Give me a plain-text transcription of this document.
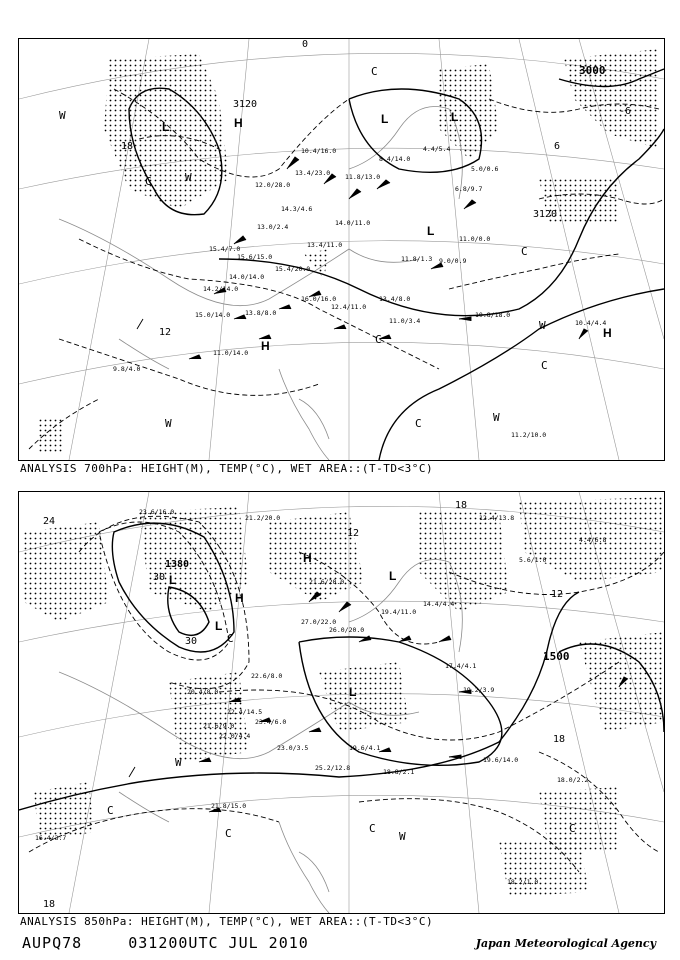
3000
3120
3120
0
-6
6
12
18
L
L	L
L
H
H
H
W
W
W
W
W
C
C
C
C
C
C
10.4/16.0
13.4/23.0
12.0/28.0
11.8/13.0
8.4/14.0
14.3/4.6
13.0/2.4	14.0/11.0
13.4/11.0
15.4/7.0
15.6/15.0
15.4/20.0
14.0/14.0
14.2/14.0
13.8/8.0
16.0/16.0
12.4/11.0
13.4/8.0
11.0/3.4
15.0/14.0
11.0/14.0
9.8/4.0
10.8/18.0
10.4/4.4
11.2/10.0
6.8/9.7
5.0/0.6
4.4/5.4
11.0/0.0
11.8/1.3 9.0/0.9
ANALYSIS 700hPa: HEIGHT(M), TEMP(°C), WET AREA::(T-TD<3°C)
1380
1500
24
30
30
18
12
18
18
12
L
L
L
L
H
H
W
W
C
C
C
C	C
23.6/16.0
21.2/20.0
21.6/20.0
26.0/20.0
27.0/22.0
19.4/11.0
14.4/4.4
17.4/4.1
22.4/14.5
23.4/6.0
23.0/3.5
25.2/12.8
19.6/4.1
18.8/2.1
19.6/14.0
18.0/2.2
16.4/3.7
21.8/15.0
20.4/8.0
22.6/8.0
12.4/13.8
4.4/6.8
5.6/1.0
19.2/3.9
18.2/1.0
22.0/4.4
21.6/9.0
ANALYSIS 850hPa: HEIGHT(M), TEMP(°C), WET AREA::(T-TD<3°C)
AUPQ78	031200UTC JUL 2010	Japan Meteorological Agency
